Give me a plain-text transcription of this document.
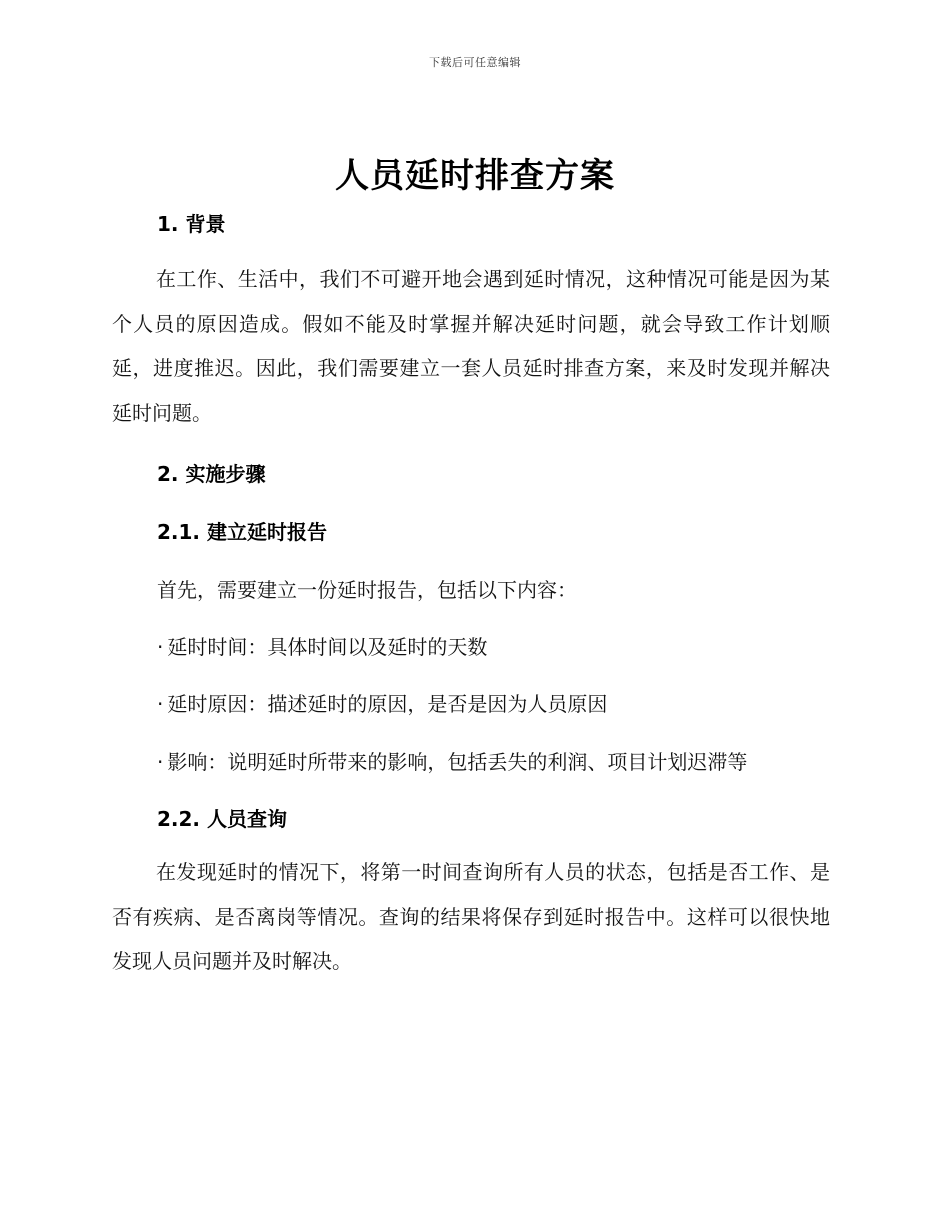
下载后可任意编辑
人员延时排查方案
1. 背景
在工作、生活中，我们不可避开地会遇到延时情况，这种情况可能是因为某个人员的原因造成。假如不能及时掌握并解决延时问题，就会导致工作计划顺延，进度推迟。因此，我们需要建立一套人员延时排查方案，来及时发现并解决延时问题。
2. 实施步骤
2.1. 建立延时报告
首先，需要建立一份延时报告，包括以下内容：
· 延时时间：具体时间以及延时的天数
· 延时原因：描述延时的原因，是否是因为人员原因
· 影响：说明延时所带来的影响，包括丢失的利润、项目计划迟滞等
2.2. 人员查询
在发现延时的情况下，将第一时间查询所有人员的状态，包括是否工作、是否有疾病、是否离岗等情况。查询的结果将保存到延时报告中。这样可以很快地发现人员问题并及时解决。
